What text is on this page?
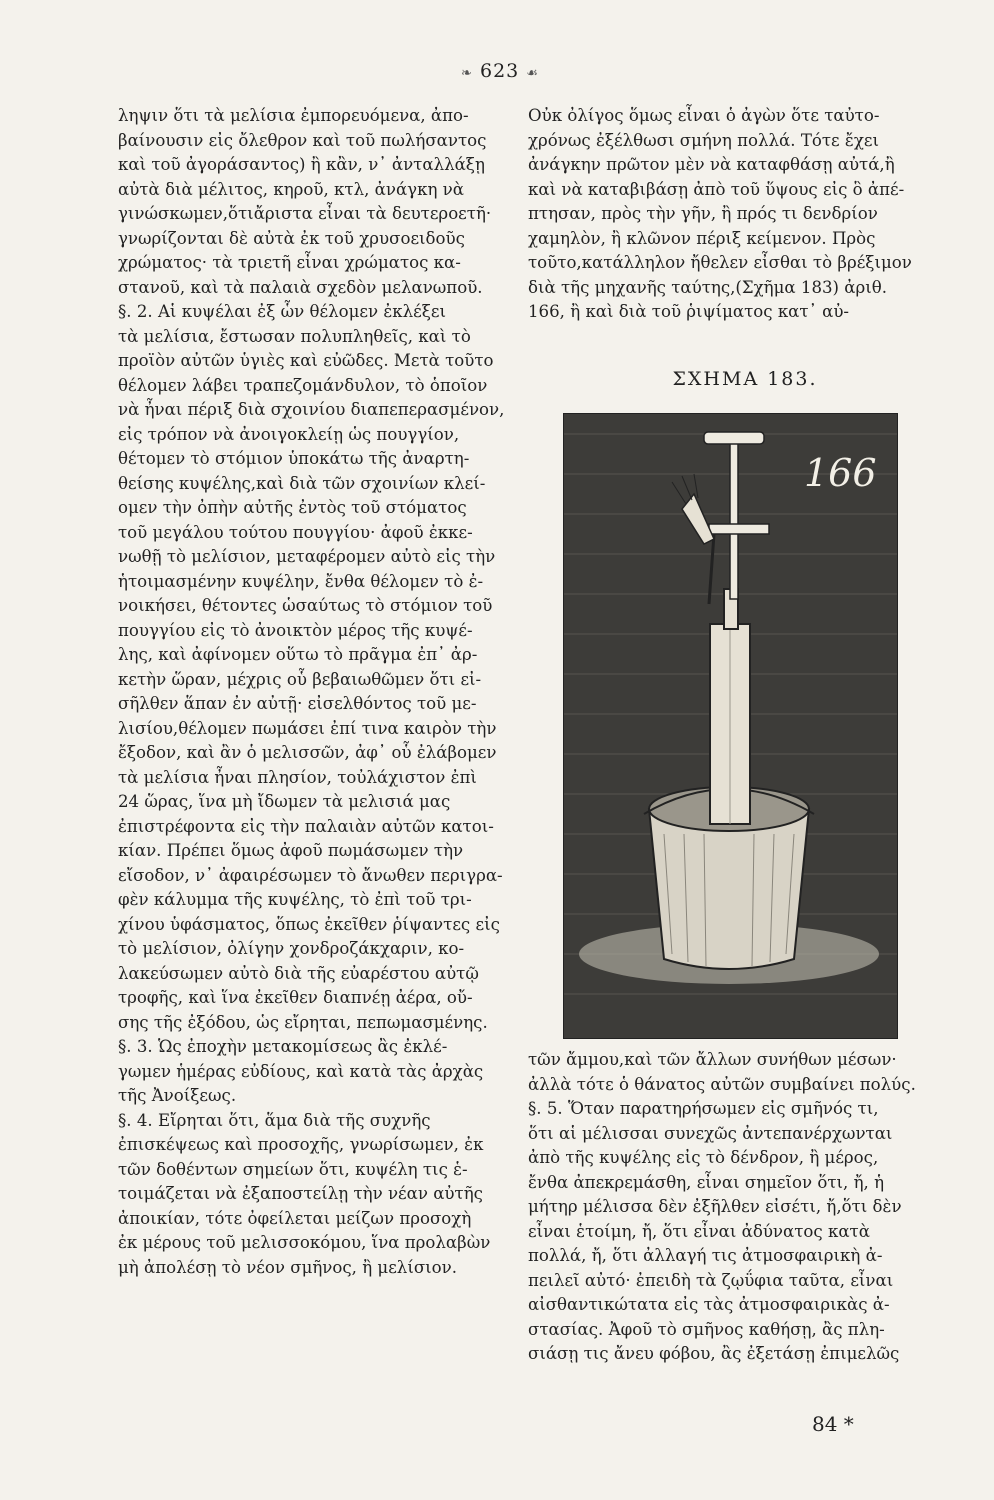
❧ 623 ☙
ληψιν ὅτι τὰ μελίσια ἐμπορευόμενα, ἀπο-
βαίνουσιν εἰς ὄλεθρον καὶ τοῦ πωλήσαντος
καὶ τοῦ ἀγοράσαντος) ἢ κἂν, ν᾽ ἀνταλλάξῃ
αὐτὰ διὰ μέλιτος, κηροῦ, κτλ, ἀνάγκη νὰ
γινώσκωμεν,ὅτιἄριστα εἶναι τὰ δευτεροετῆ·
γνωρίζονται δὲ αὐτὰ ἐκ τοῦ χρυσοειδοῦς
χρώματος· τὰ τριετῆ εἶναι χρώματος κα-
στανοῦ, καὶ τὰ παλαιὰ σχεδὸν μελανωποῦ.
§. 2. Αἱ κυψέλαι ἐξ ὧν θέλομεν ἐκλέξει
τὰ μελίσια, ἔστωσαν πολυπληθεῖς, καὶ τὸ
προϊὸν αὐτῶν ὑγιὲς καὶ εὐῶδες. Μετὰ τοῦτο
θέλομεν λάβει τραπεζομάνδυλον, τὸ ὁποῖον
νὰ ἦναι πέριξ διὰ σχοινίου διαπεπερασμένον,
εἰς τρόπον νὰ ἀνοιγοκλείῃ ὡς πουγγίον,
θέτομεν τὸ στόμιον ὑποκάτω τῆς ἀναρτη-
θείσης κυψέλης,καὶ διὰ τῶν σχοινίων κλεί-
ομεν τὴν ὀπὴν αὐτῆς ἐντὸς τοῦ στόματος
τοῦ μεγάλου τούτου πουγγίου· ἀφοῦ ἐκκε-
νωθῇ τὸ μελίσιον, μεταφέρομεν αὐτὸ εἰς τὴν
ἡτοιμασμένην κυψέλην, ἔνθα θέλομεν τὸ ἐ-
νοικήσει, θέτοντες ὡσαύτως τὸ στόμιον τοῦ
πουγγίου εἰς τὸ ἀνοικτὸν μέρος τῆς κυψέ-
λης, καὶ ἀφίνομεν οὕτω τὸ πρᾶγμα ἐπ᾽ ἀρ-
κετὴν ὥραν, μέχρις οὗ βεβαιωθῶμεν ὅτι εἰ-
σῆλθεν ἅπαν ἐν αὐτῇ· εἰσελθόντος τοῦ με-
λισίου,θέλομεν πωμάσει ἐπί τινα καιρὸν τὴν
ἔξοδον, καὶ ἂν ὁ μελισσῶν, ἀφ᾽ οὗ ἐλάβομεν
τὰ μελίσια ἦναι πλησίον, τοὐλάχιστον ἐπὶ
24 ὥρας, ἵνα μὴ ἴδωμεν τὰ μελισιά μας
ἐπιστρέφοντα εἰς τὴν παλαιὰν αὐτῶν κατοι-
κίαν. Πρέπει ὅμως ἀφοῦ πωμάσωμεν τὴν
εἴσοδον, ν᾽ ἀφαιρέσωμεν τὸ ἄνωθεν περιγρα-
φὲν κάλυμμα τῆς κυψέλης, τὸ ἐπὶ τοῦ τρι-
χίνου ὑφάσματος, ὅπως ἐκεῖθεν ῥίψαντες εἰς
τὸ μελίσιον, ὀλίγην χονδροζάκχαριν, κο-
λακεύσωμεν αὐτὸ διὰ τῆς εὐαρέστου αὐτῷ
τροφῆς, καὶ ἵνα ἐκεῖθεν διαπνέῃ ἀέρα, οὔ-
σης τῆς ἐξόδου, ὡς εἴρηται, πεπωμασμένης.
§. 3. Ὡς ἐποχὴν μετακομίσεως ἂς ἐκλέ-
γωμεν ἡμέρας εὐδίους, καὶ κατὰ τὰς ἀρχὰς
τῆς Ἀνοίξεως.
§. 4. Εἴρηται ὅτι, ἅμα διὰ τῆς συχνῆς
ἐπισκέψεως καὶ προσοχῆς, γνωρίσωμεν, ἐκ
τῶν δοθέντων σημείων ὅτι, κυψέλη τις ἑ-
τοιμάζεται νὰ ἐξαποστείλῃ τὴν νέαν αὐτῆς
ἀποικίαν, τότε ὀφείλεται μείζων προσοχὴ
ἐκ μέρους τοῦ μελισσοκόμου, ἵνα προλαβὼν
μὴ ἀπολέσῃ τὸ νέον σμῆνος, ἢ μελίσιον.
Οὐκ ὀλίγος ὅμως εἶναι ὁ ἀγὼν ὅτε ταὐτο-
χρόνως ἐξέλθωσι σμήνη πολλά. Τότε ἔχει
ἀνάγκην πρῶτον μὲν νὰ καταφθάσῃ αὐτά,ἢ
καὶ νὰ καταβιβάσῃ ἀπὸ τοῦ ὕψους εἰς ὃ ἀπέ-
πτησαν, πρὸς τὴν γῆν, ἢ πρός τι δενδρίον
χαμηλὸν, ἢ κλῶνον πέριξ κείμενον. Πρὸς
τοῦτο,κατάλληλον ἤθελεν εἶσθαι τὸ βρέξιμον
διὰ τῆς μηχανῆς ταύτης,(Σχῆμα 183) ἀριθ.
166, ἢ καὶ διὰ τοῦ ῥιψίματος κατ᾽ αὐ-
ΣΧΗΜΑ 183.
166
τῶν ἄμμου,καὶ τῶν ἄλλων συνήθων μέσων·
ἀλλὰ τότε ὁ θάνατος αὐτῶν συμβαίνει πολύς.
§. 5. Ὅταν παρατηρήσωμεν εἰς σμῆνός τι,
ὅτι αἱ μέλισσαι συνεχῶς ἀντεπανέρχωνται
ἀπὸ τῆς κυψέλης εἰς τὸ δένδρον, ἢ μέρος,
ἔνθα ἀπεκρεμάσθη, εἶναι σημεῖον ὅτι, ἤ, ἡ
μήτηρ μέλισσα δὲν ἐξῆλθεν εἰσέτι, ἤ,ὅτι δὲν
εἶναι ἑτοίμη, ἤ, ὅτι εἶναι ἀδύνατος κατὰ
πολλά, ἤ, ὅτι ἀλλαγή τις ἀτμοσφαιρικὴ ἀ-
πειλεῖ αὐτό· ἐπειδὴ τὰ ζῳΰφια ταῦτα, εἶναι
αἰσθαντικώτατα εἰς τὰς ἀτμοσφαιρικὰς ἀ-
στασίας. Ἀφοῦ τὸ σμῆνος καθήσῃ, ἂς πλη-
σιάσῃ τις ἄνευ φόβου, ἂς ἐξετάσῃ ἐπιμελῶς
84 *
